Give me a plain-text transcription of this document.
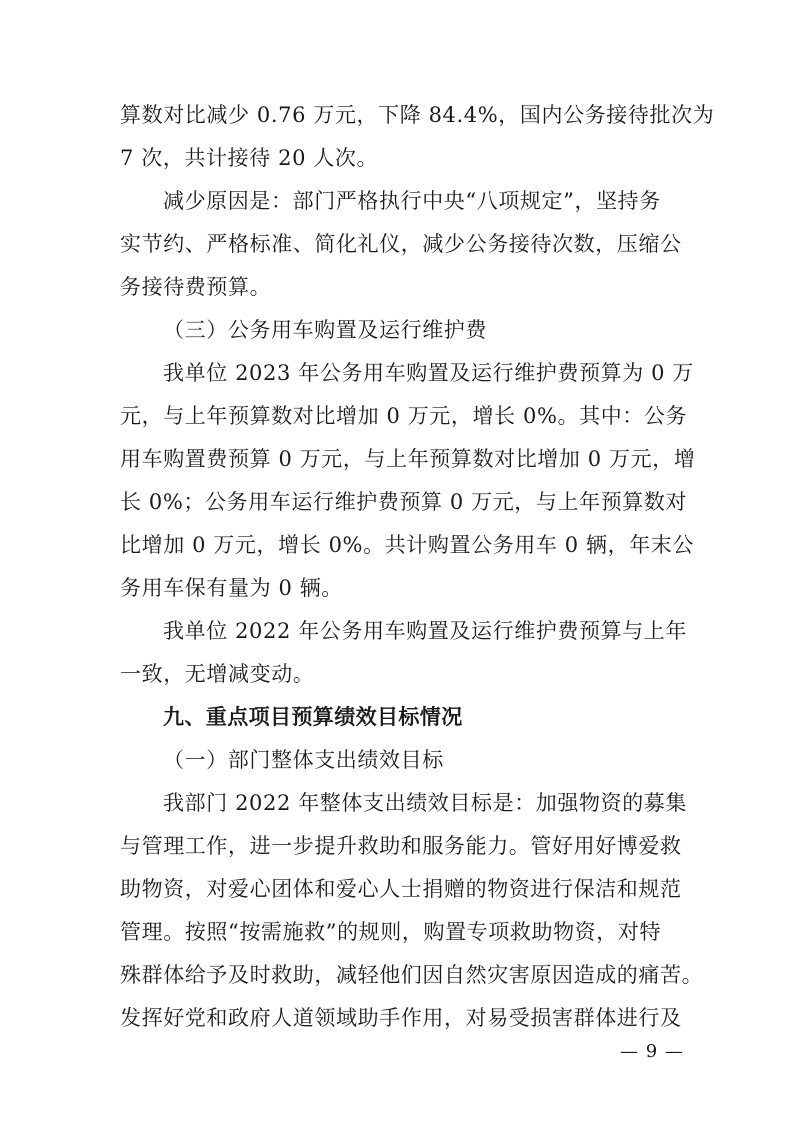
算数对比减少 0.76 万元，下降 84.4%，国内公务接待批次为
7 次，共计接待 20 人次。
减少原因是：部门严格执行中央“八项规定”，坚持务
实节约、严格标准、简化礼仪，减少公务接待次数，压缩公
务接待费预算。
（三）公务用车购置及运行维护费
我单位 2023 年公务用车购置及运行维护费预算为 0 万
元，与上年预算数对比增加 0 万元，增长 0%。其中：公务
用车购置费预算 0 万元，与上年预算数对比增加 0 万元，增
长 0%；公务用车运行维护费预算 0 万元，与上年预算数对
比增加 0 万元，增长 0%。共计购置公务用车 0 辆，年末公
务用车保有量为 0 辆。
我单位 2022 年公务用车购置及运行维护费预算与上年
一致，无增减变动。
九、重点项目预算绩效目标情况
（一）部门整体支出绩效目标
我部门 2022 年整体支出绩效目标是：加强物资的募集
与管理工作，进一步提升救助和服务能力。管好用好博爱救
助物资，对爱心团体和爱心人士捐赠的物资进行保洁和规范
管理。按照“按需施救”的规则，购置专项救助物资，对特
殊群体给予及时救助，减轻他们因自然灾害原因造成的痛苦。
发挥好党和政府人道领域助手作用，对易受损害群体进行及
— 9 —
